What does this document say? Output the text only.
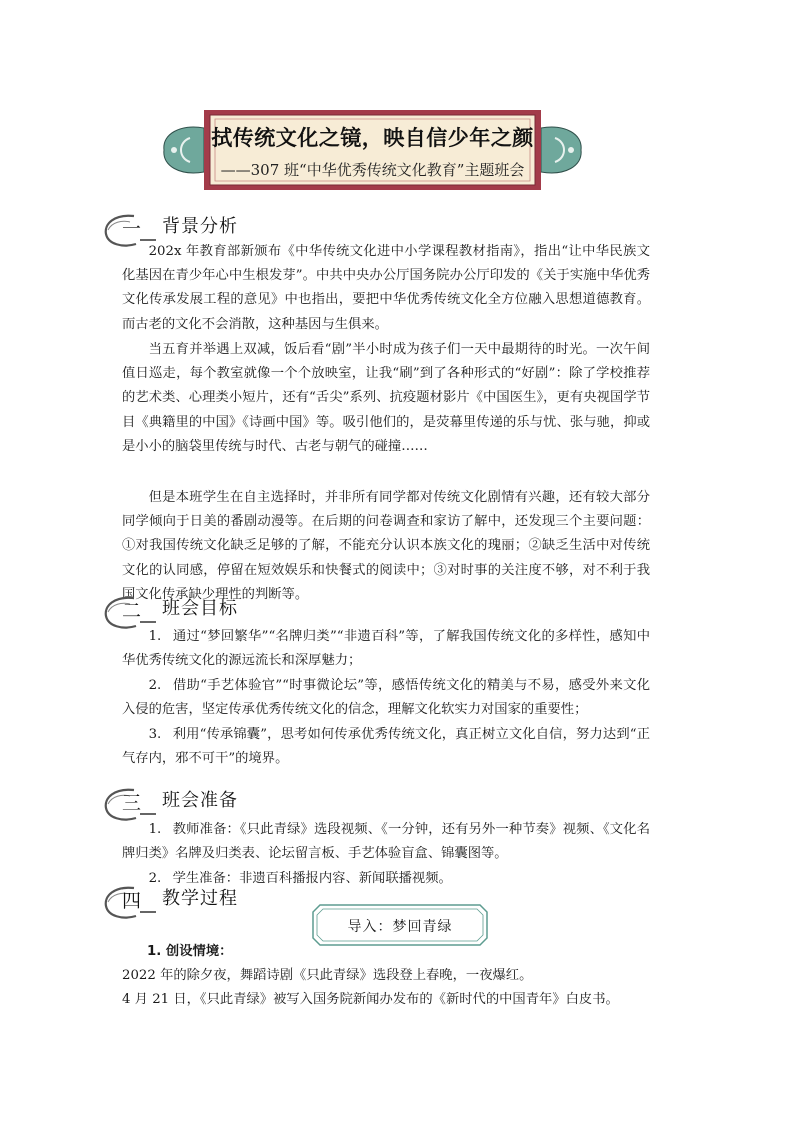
拭传统文化之镜，映自信少年之颜
——307 班“中华优秀传统文化教育”主题班会
一 背景分析

202x 年教育部新颁布《中华传统文化进中小学课程教材指南》，指出“让中华民族文化基因在青少年心中生根发芽”。中共中央办公厅国务院办公厅印发的《关于实施中华优秀文化传承发展工程的意见》中也指出，要把中华优秀传统文化全方位融入思想道德教育。而古老的文化不会消散，这种基因与生俱来。

当五育并举遇上双减，饭后看“剧”半小时成为孩子们一天中最期待的时光。一次午间值日巡走，每个教室就像一个个放映室，让我“刷”到了各种形式的“好剧”：除了学校推荐的艺术类、心理类小短片，还有“舌尖”系列、抗疫题材影片《中国医生》，更有央视国学节目《典籍里的中国》《诗画中国》等。吸引他们的，是荧幕里传递的乐与忧、张与驰，抑或是小小的脑袋里传统与时代、古老与朝气的碰撞……

但是本班学生在自主选择时，并非所有同学都对传统文化剧情有兴趣，还有较大部分同学倾向于日美的番剧动漫等。在后期的问卷调查和家访了解中，还发现三个主要问题：①对我国传统文化缺乏足够的了解，不能充分认识本族文化的瑰丽；②缺乏生活中对传统文化的认同感，停留在短效娱乐和快餐式的阅读中；③对时事的关注度不够，对不利于我国文化传承缺少理性的判断等。

二 班会目标

1. 通过“梦回繁华”“名牌归类”“非遗百科”等，了解我国传统文化的多样性，感知中华优秀传统文化的源远流长和深厚魅力；

2. 借助“手艺体验官”“时事微论坛”等，感悟传统文化的精美与不易，感受外来文化入侵的危害，坚定传承优秀传统文化的信念，理解文化软实力对国家的重要性；

3. 利用“传承锦囊”，思考如何传承优秀传统文化，真正树立文化自信，努力达到“正气存内，邪不可干”的境界。

三 班会准备

1. 教师准备：《只此青绿》选段视频、《一分钟，还有另外一种节奏》视频、《文化名牌归类》名牌及归类表、论坛留言板、手艺体验盲盒、锦囊图等。

2. 学生准备：非遗百科播报内容、新闻联播视频。

四 教学过程
导入：梦回青绿
1. 创设情境：

2022 年的除夕夜，舞蹈诗剧《只此青绿》选段登上春晚，一夜爆红。

4 月 21 日，《只此青绿》被写入国务院新闻办发布的《新时代的中国青年》白皮书。
